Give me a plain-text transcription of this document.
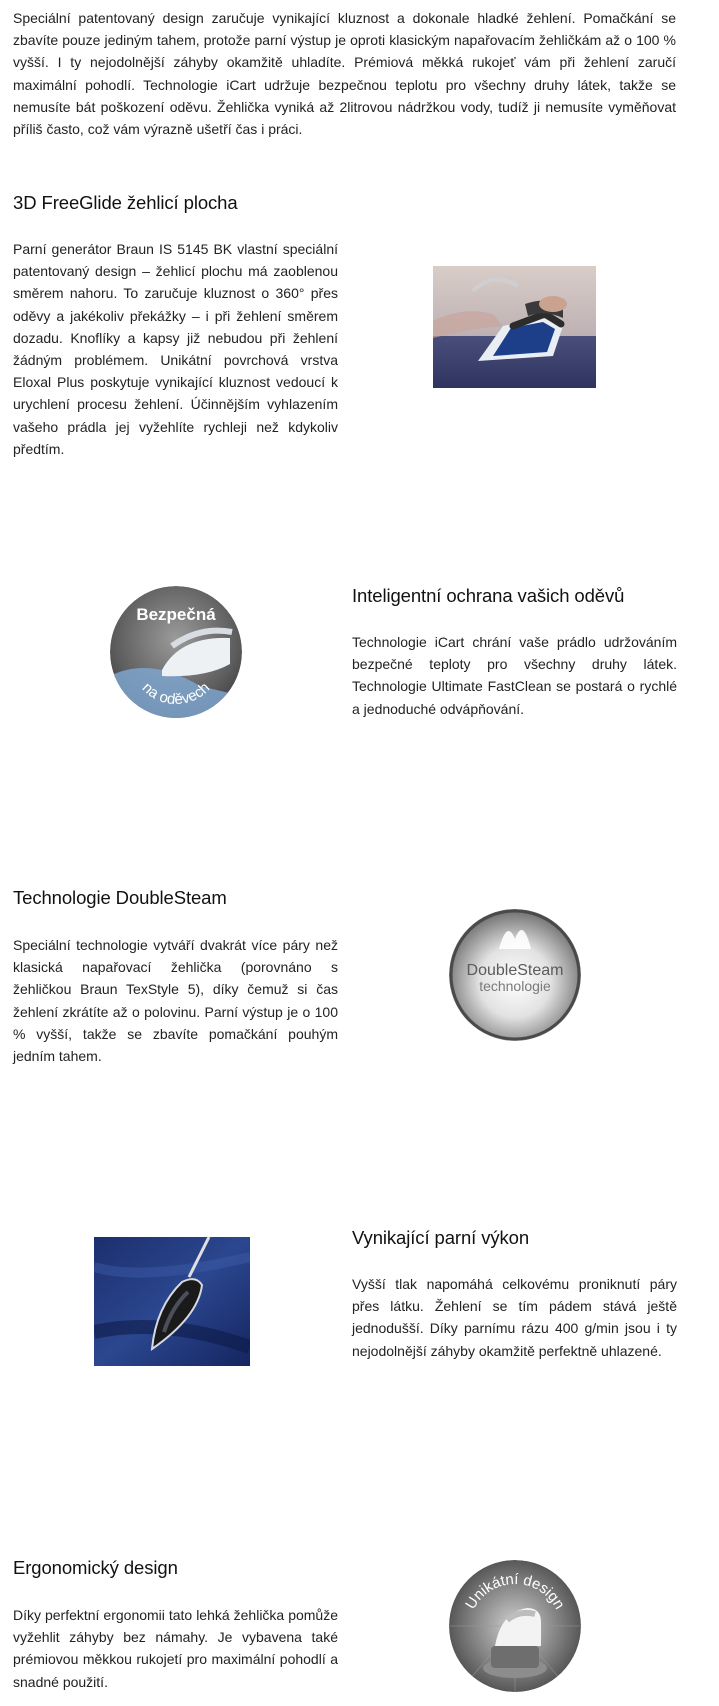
Speciální patentovaný design zaručuje vynikající kluznost a dokonale hladké žehlení. Pomačkání se zbavíte pouze jediným tahem, protože parní výstup je oproti klasickým napařovacím žehličkám až o 100 % vyšší. I ty nejodolnější záhyby okamžitě uhladíte. Prémiová měkká rukojeť vám při žehlení zaručí maximální pohodlí. Technologie iCart udržuje bezpečnou teplotu pro všechny druhy látek, takže se nemusíte bát poškození oděvu. Žehlička vyniká až 2litrovou nádržkou vody, tudíž ji nemusíte vyměňovat příliš často, což vám výrazně ušetří čas i práci.

3D FreeGlide žehlicí plocha

Parní generátor Braun IS 5145 BK vlastní speciální patentovaný design – žehlicí plochu má zaoblenou směrem nahoru. To zaručuje kluznost o 360° přes oděvy a jakékoliv překážky – i při žehlení směrem dozadu. Knoflíky a kapsy již nebudou při žehlení žádným problémem. Unikátní povrchová vrstva Eloxal Plus poskytuje vynikající kluznost vedoucí k urychlení procesu žehlení. Účinnějším vyhlazením vašeho prádla jej vyžehlíte rychleji než kdykoliv předtím.

Bezpečná
na oděvech
Inteligentní ochrana vašich oděvů

Technologie iCart chrání vaše prádlo udržováním bezpečné teploty pro všechny druhy látek. Technologie Ultimate FastClean se postará o rychlé a jednoduché odvápňování.

Technologie DoubleSteam

Speciální technologie vytváří dvakrát více páry než klasická napařovací žehlička (porovnáno s žehličkou Braun TexStyle 5), díky čemuž si čas žehlení zkrátíte až o polovinu. Parní výstup je o 100 % vyšší, takže se zbavíte pomačkání pouhým jedním tahem.

DoubleSteam
technologie
Vynikající parní výkon

Vyšší tlak napomáhá celkovému proniknutí páry přes látku. Žehlení se tím pádem stává ještě jednodušší. Díky parnímu rázu 400 g/min jsou i ty nejodolnější záhyby okamžitě perfektně uhlazené.

Ergonomický design

Díky perfektní ergonomii tato lehká žehlička pomůže vyžehlit záhyby bez námahy. Je vybavena také prémiovou měkkou rukojetí pro maximální pohodlí a snadné použití.

Unikátní design
